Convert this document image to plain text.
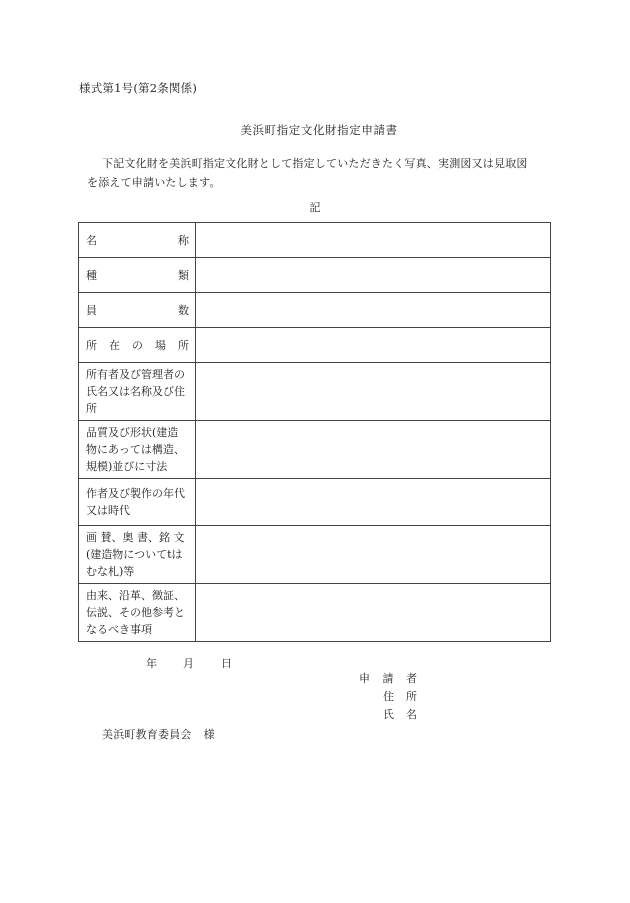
様式第1号(第2条関係)
美浜町指定文化財指定申請書
下記文化財を美浜町指定文化財として指定していただきたく写真、実測図又は見取図
を添えて申請いたします。
記
名 称	

種 類	

員 数	

所 在 の 場 所	

所有者及び管理者の
氏名又は名称及び住
所	

品質及び形状(建造
物にあっては構造、
規模)並びに寸法	

作者及び製作の年代
又は時代	

画 賛、奥 書、銘 文
(建造物についてtは
むな札)等	

由来、沿革、徴証、
伝説、その他参考と
なるべき事項	

年	月	日
申 請 者
住 所
氏 名
美浜町教育委員会 様
